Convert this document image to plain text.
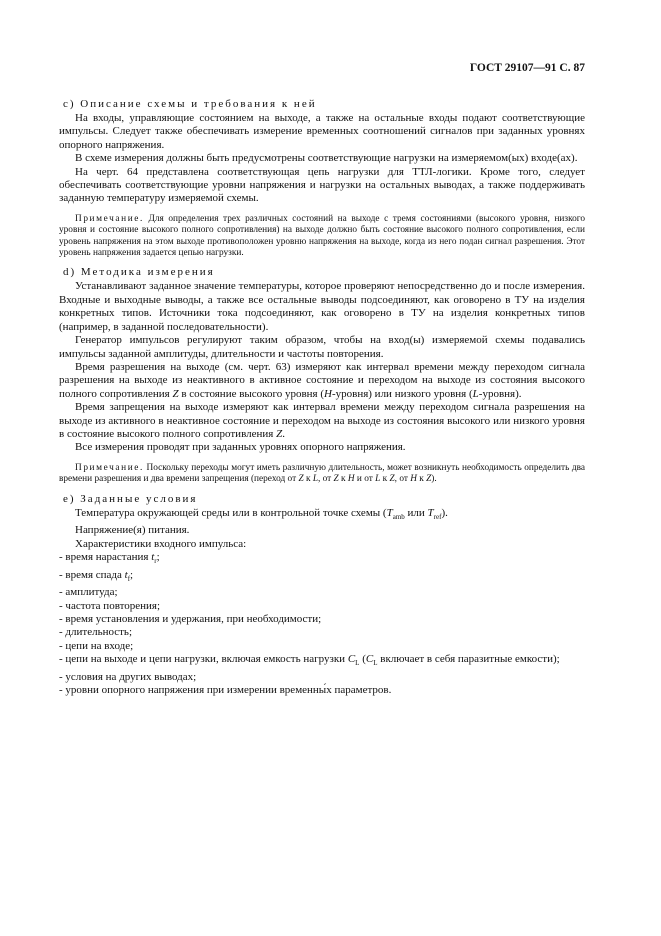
ГОСТ 29107—91 С. 87
с) Описание схемы и требования к ней

На входы, управляющие состоянием на выходе, а также на остальные входы подают соответствующие импульсы. Следует также обеспечивать измерение временных соотношений сигналов при заданных уровнях опорного напряжения.

В схеме измерения должны быть предусмотрены соответствующие нагрузки на измеряемом(ых) входе(ах).

На черт. 64 представлена соответствующая цепь нагрузки для ТТЛ-логики. Кроме того, следует обеспечивать соответствующие уровни напряжения и нагрузки на остальных выводах, а также поддерживать заданную температуру измеряемой схемы.

Примечание. Для определения трех различных состояний на выходе с тремя состояниями (высокого уровня, низкого уровня и состояние высокого полного сопротивления) на выходе должно быть состояние высокого полного сопротивления, если уровень напряжения на этом выходе противоположен уровню напряжения на выходе, когда из него подан сигнал разрешения. Этот уровень напряжения задается цепью нагрузки.
d) Методика измерения

Устанавливают заданное значение температуры, которое проверяют непосредственно до и после измерения. Входные и выходные выводы, а также все остальные выводы подсоединяют, как оговорено в ТУ на изделия конкретных типов. Источники тока подсоединяют, как оговорено в ТУ на изделия конкретных типов (например, в заданной последовательности).

Генератор импульсов регулируют таким образом, чтобы на вход(ы) измеряемой схемы подавались импульсы заданной амплитуды, длительности и частоты повторения.

Время разрешения на выходе (см. черт. 63) измеряют как интервал времени между переходом сигнала разрешения на выходе из неактивного в активное состояние и переходом на выходе из состояния высокого полного сопротивления Z в состояние высокого уровня (H-уровня) или низкого уровня (L-уровня).

Время запрещения на выходе измеряют как интервал времени между переходом сигнала разрешения на выходе из активного в неактивное состояние и переходом на выходе из состояния высокого или низкого уровня в состояние высокого полного сопротивления Z.

Все измерения проводят при заданных уровнях опорного напряжения.

Примечание. Поскольку переходы могут иметь различную длительность, может возникнуть необходимость определить два времени разрешения и два времени запрещения (переход от Z к L, от Z к H и от L к Z, от H к Z).
е) Заданные условия

Температура окружающей среды или в контрольной точке схемы ($T_{amb}$ или $T_{ref}$).

Напряжение(я) питания.

Характеристики входного импульса:

- время нарастания $t_r$;

- время спада $t_f$;

- амплитуда;

- частота повторения;

- время установления и удержания, при необходимости;

- длительность;

- цепи на входе;

- цепи на выходе и цепи нагрузки, включая емкость нагрузки $C_L$ ($C_L$ включает в себя паразитные емкости);

- условия на других выводах;

- уровни опорного напряжения при измерении временны́х параметров.
